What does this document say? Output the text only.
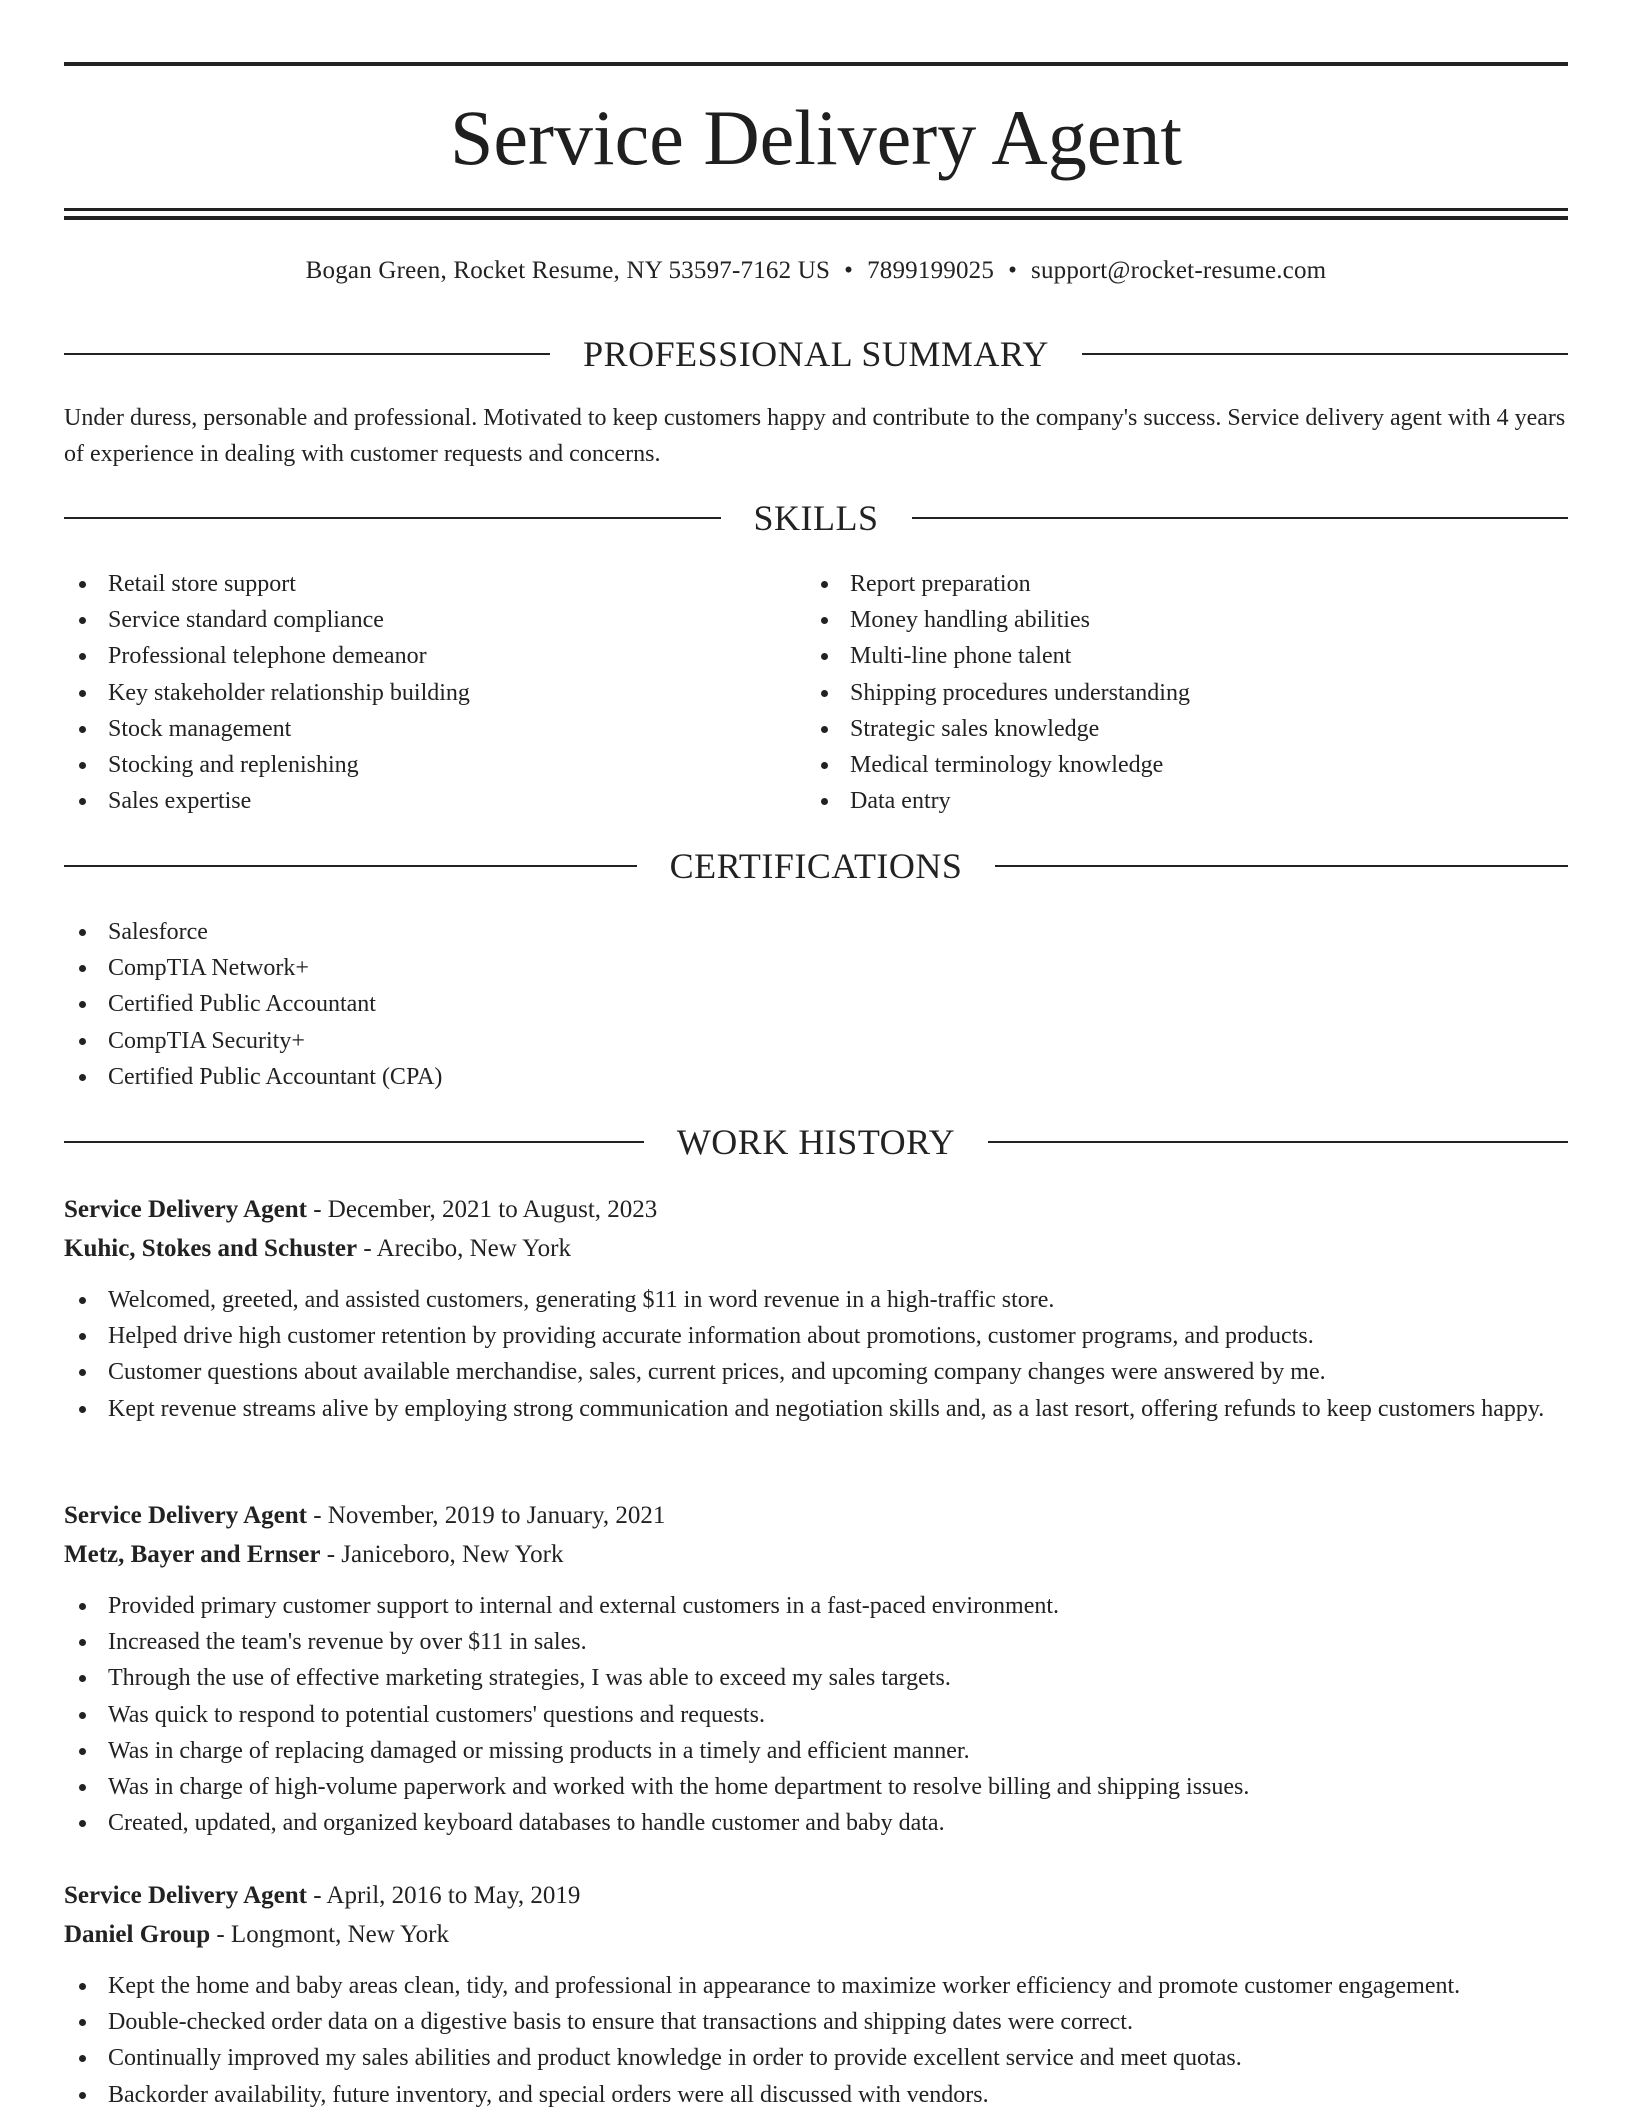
Service Delivery Agent
Bogan Green, Rocket Resume, NY 53597-7162 US • 7899199025 • support@rocket-resume.com
PROFESSIONAL SUMMARY

Under duress, personable and professional. Motivated to keep customers happy and contribute to the company's success. Service delivery agent with 4 years of experience in dealing with customer requests and concerns.

SKILLS
Retail store support
Service standard compliance
Professional telephone demeanor
Key stakeholder relationship building
Stock management
Stocking and replenishing
Sales expertise
Report preparation
Money handling abilities
Multi-line phone talent
Shipping procedures understanding
Strategic sales knowledge
Medical terminology knowledge
Data entry
CERTIFICATIONS
Salesforce
CompTIA Network+
Certified Public Accountant
CompTIA Security+
Certified Public Accountant (CPA)
WORK HISTORY
Service Delivery Agent - December, 2021 to August, 2023
Kuhic, Stokes and Schuster - Arecibo, New York
Welcomed, greeted, and assisted customers, generating $11 in word revenue in a high-traffic store.
Helped drive high customer retention by providing accurate information about promotions, customer programs, and products.
Customer questions about available merchandise, sales, current prices, and upcoming company changes were answered by me.
Kept revenue streams alive by employing strong communication and negotiation skills and, as a last resort, offering refunds to keep customers happy.
Service Delivery Agent - November, 2019 to January, 2021
Metz, Bayer and Ernser - Janiceboro, New York
Provided primary customer support to internal and external customers in a fast-paced environment.
Increased the team's revenue by over $11 in sales.
Through the use of effective marketing strategies, I was able to exceed my sales targets.
Was quick to respond to potential customers' questions and requests.
Was in charge of replacing damaged or missing products in a timely and efficient manner.
Was in charge of high-volume paperwork and worked with the home department to resolve billing and shipping issues.
Created, updated, and organized keyboard databases to handle customer and baby data.
Service Delivery Agent - April, 2016 to May, 2019
Daniel Group - Longmont, New York
Kept the home and baby areas clean, tidy, and professional in appearance to maximize worker efficiency and promote customer engagement.
Double-checked order data on a digestive basis to ensure that transactions and shipping dates were correct.
Continually improved my sales abilities and product knowledge in order to provide excellent service and meet quotas.
Backorder availability, future inventory, and special orders were all discussed with vendors.
